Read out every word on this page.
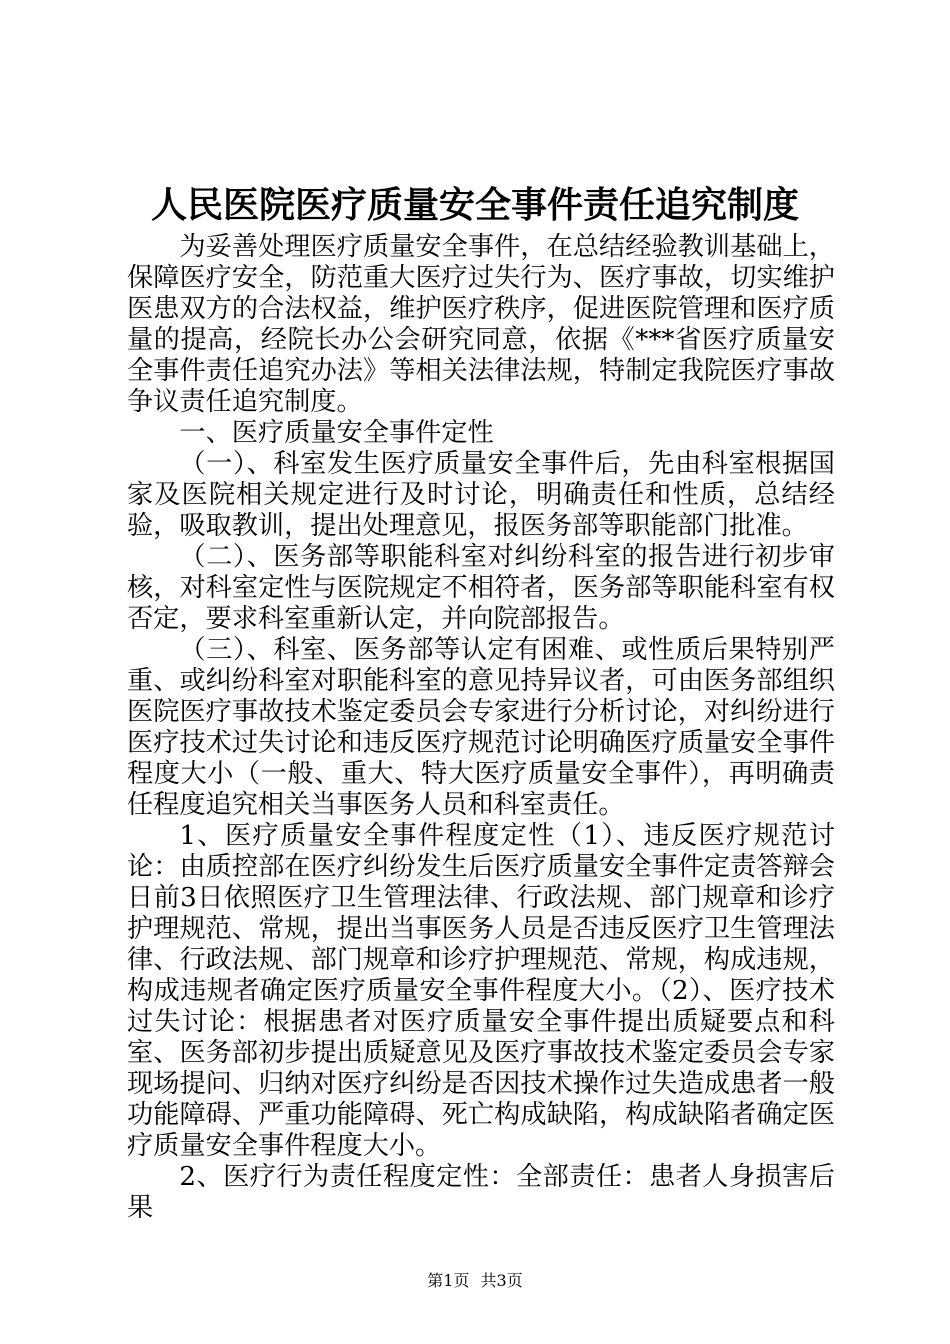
人民医院医疗质量安全事件责任追究制度

为妥善处理医疗质量安全事件，在总结经验教训基础上，保障医疗安全，防范重大医疗过失行为、医疗事故，切实维护医患双方的合法权益，维护医疗秩序，促进医院管理和医疗质量的提高，经院长办公会研究同意，依据《***省医疗质量安全事件责任追究办法》等相关法律法规，特制定我院医疗事故争议责任追究制度。

一、医疗质量安全事件定性

（一）、科室发生医疗质量安全事件后，先由科室根据国家及医院相关规定进行及时讨论，明确责任和性质，总结经验，吸取教训，提出处理意见，报医务部等职能部门批准。

（二）、医务部等职能科室对纠纷科室的报告进行初步审核，对科室定性与医院规定不相符者，医务部等职能科室有权否定，要求科室重新认定，并向院部报告。

（三）、科室、医务部等认定有困难、或性质后果特别严重、或纠纷科室对职能科室的意见持异议者，可由医务部组织医院医疗事故技术鉴定委员会专家进行分析讨论，对纠纷进行医疗技术过失讨论和违反医疗规范讨论明确医疗质量安全事件程度大小（一般、重大、特大医疗质量安全事件），再明确责任程度追究相关当事医务人员和科室责任。

1、医疗质量安全事件程度定性（1）、违反医疗规范讨论：由质控部在医疗纠纷发生后医疗质量安全事件定责答辩会日前3日依照医疗卫生管理法律、行政法规、部门规章和诊疗护理规范、常规，提出当事医务人员是否违反医疗卫生管理法律、行政法规、部门规章和诊疗护理规范、常规，构成违规，构成违规者确定医疗质量安全事件程度大小。（2）、医疗技术过失讨论：根据患者对医疗质量安全事件提出质疑要点和科室、医务部初步提出质疑意见及医疗事故技术鉴定委员会专家现场提问、归纳对医疗纠纷是否因技术操作过失造成患者一般功能障碍、严重功能障碍、死亡构成缺陷，构成缺陷者确定医疗质量安全事件程度大小。

2、医疗行为责任程度定性：全部责任：患者人身损害后果

第1页 共3页
